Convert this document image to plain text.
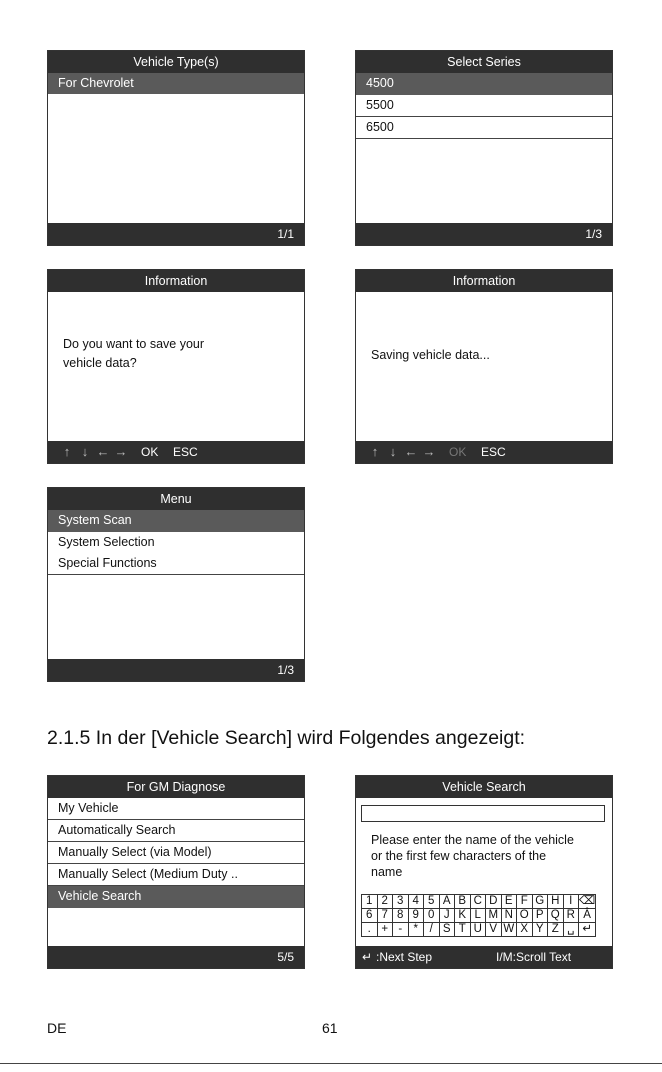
Vehicle Type(s)
For Chevrolet
1/1
Select Series
4500
5500
6500
1/3
Information
Do you want to save your
vehicle data?
↑ ↓ ← → OK ESC
Information
Saving vehicle data...
↑ ↓ ← → OK ESC
Menu
System Scan
System Selection
Special Functions
1/3
2.1.5 In der [Vehicle Search] wird Folgendes angezeigt:
For GM Diagnose
My Vehicle
Automatically Search
Manually Select (via Model)
Manually Select (Medium Duty ..
Vehicle Search
5/5
Vehicle Search
Please enter the name of the vehicle
or the first few characters of the
name
1	2	3	4	5	A	B	C	D	E	F	G	H	I	⌫
6	7	8	9	0	J	K	L	M	N	O	P	Q	R	Â
.	+	-	*	/	S	T	U	V	W	X	Y	Z	␣	↵
↵ :Next Step	I/M:Scroll Text
DE	61
